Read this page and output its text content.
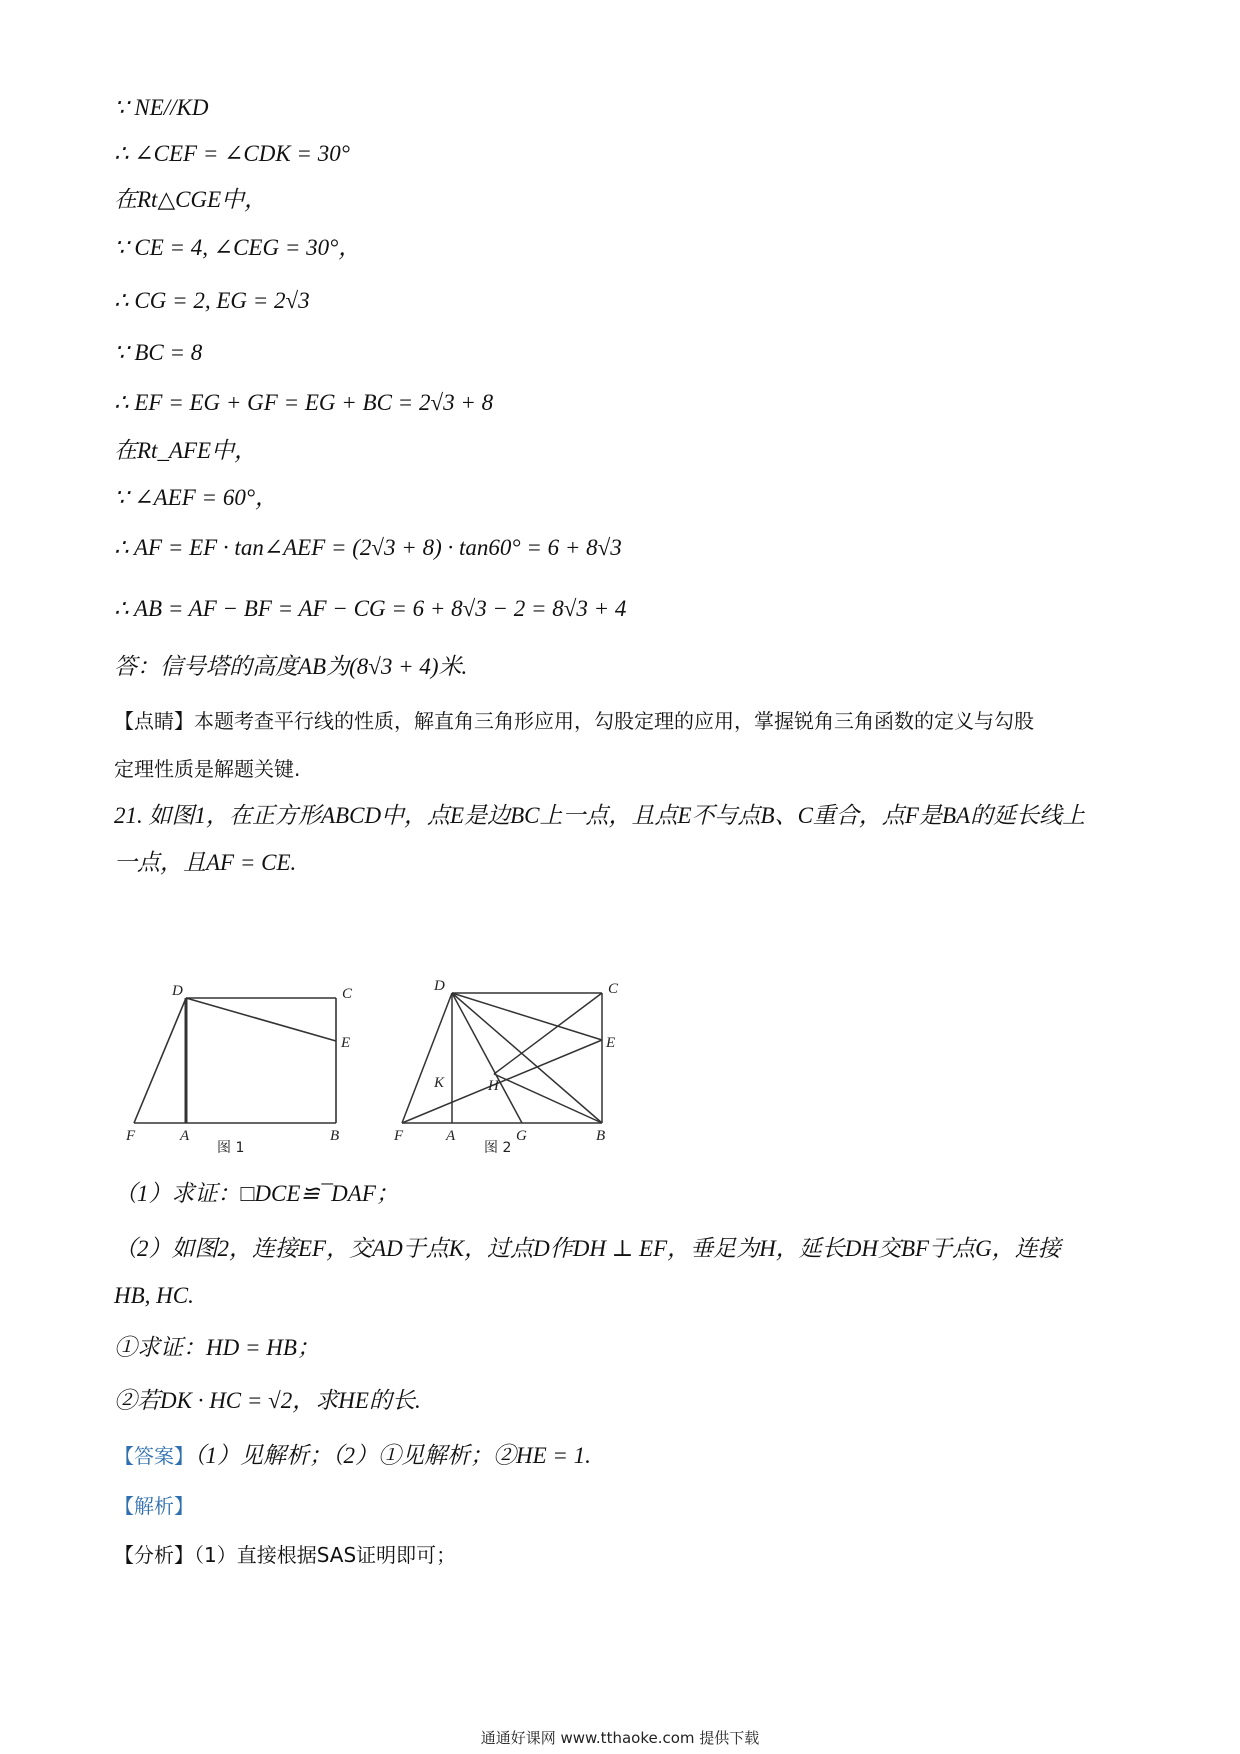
∵ NE//KD
∴ ∠CEF = ∠CDK = 30°
在Rt△CGE中，
∵ CE = 4, ∠CEG = 30°，
∴ CG = 2, EG = 2√3
∵ BC = 8
∴ EF = EG + GF = EG + BC = 2√3 + 8
在Rt_AFE中，
∵ ∠AEF = 60°，
∴ AF = EF · tan∠AEF = (2√3 + 8) · tan60° = 6 + 8√3
∴ AB = AF − BF = AF − CG = 6 + 8√3 − 2 = 8√3 + 4
答：信号塔的高度AB为(8√3 + 4)米.
【点睛】本题考查平行线的性质，解直角三角形应用，勾股定理的应用，掌握锐角三角函数的定义与勾股
定理性质是解题关键.
21. 如图1，在正方形ABCD中，点E是边BC上一点，且点E不与点B、C重合，点F是BA的延长线上
一点，且AF = CE.
D	C
E
F	A	B
图 1
D	C
E
K	H
F	A	G	B
图 2
（1）求证：□DCE≌¯DAF；
（2）如图2，连接EF，交AD于点K，过点D作DH ⊥ EF，垂足为H，延长DH交BF于点G，连接
HB, HC.
①求证：HD = HB；
②若DK · HC = √2，求HE的长.
【答案】（1）见解析；（2）①见解析；②HE = 1.
【解析】
【分析】（1）直接根据SAS证明即可；
通通好课网 www.tthaoke.com 提供下载
